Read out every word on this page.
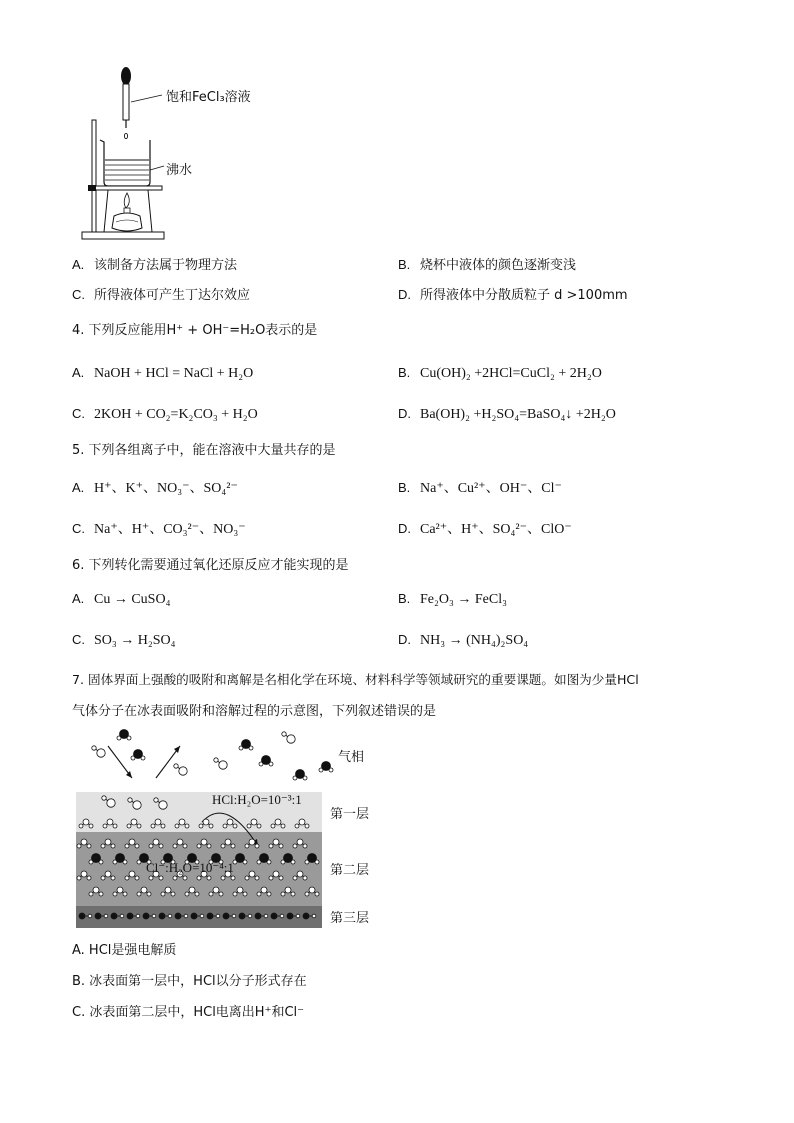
饱和FeCl₃溶液
沸水
A. 该制备方法属于物理方法	B. 烧杯中液体的颜色逐渐变浅
C. 所得液体可产生丁达尔效应	D. 所得液体中分散质粒子 d >100mm
4. 下列反应能用H⁺ + OH⁻=H₂O表示的是
A. NaOH + HCl = NaCl + H₂O	B. Cu(OH)₂ +2HCl=CuCl₂ + 2H₂O
C. 2KOH + CO₂=K₂CO₃ + H₂O	D. Ba(OH)₂ +H₂SO₄=BaSO₄↓ +2H₂O
5. 下列各组离子中，能在溶液中大量共存的是
A. H⁺、K⁺、NO₃⁻、SO₄²⁻	B. Na⁺、Cu²⁺、OH⁻、Cl⁻
C. Na⁺、H⁺、CO₃²⁻、NO₃⁻	D. Ca²⁺、H⁺、SO₄²⁻、ClO⁻
6. 下列转化需要通过氧化还原反应才能实现的是
A. Cu → CuSO₄	B. Fe₂O₃ → FeCl₃
C. SO₃ → H₂SO₄	D. NH₃ → (NH₄)₂SO₄
7. 固体界面上强酸的吸附和离解是名相化学在环境、材料科学等领域研究的重要课题。如图为少量HCl
气体分子在冰表面吸附和溶解过程的示意图，下列叙述错误的是
气相
第一层
第二层
第三层
HCl:H₂O=10⁻³:1
Cl⁻:H₂O=10⁻⁴:1
A. HCl是强电解质
B. 冰表面第一层中，HCl以分子形式存在
C. 冰表面第二层中，HCl电离出H⁺和Cl⁻
